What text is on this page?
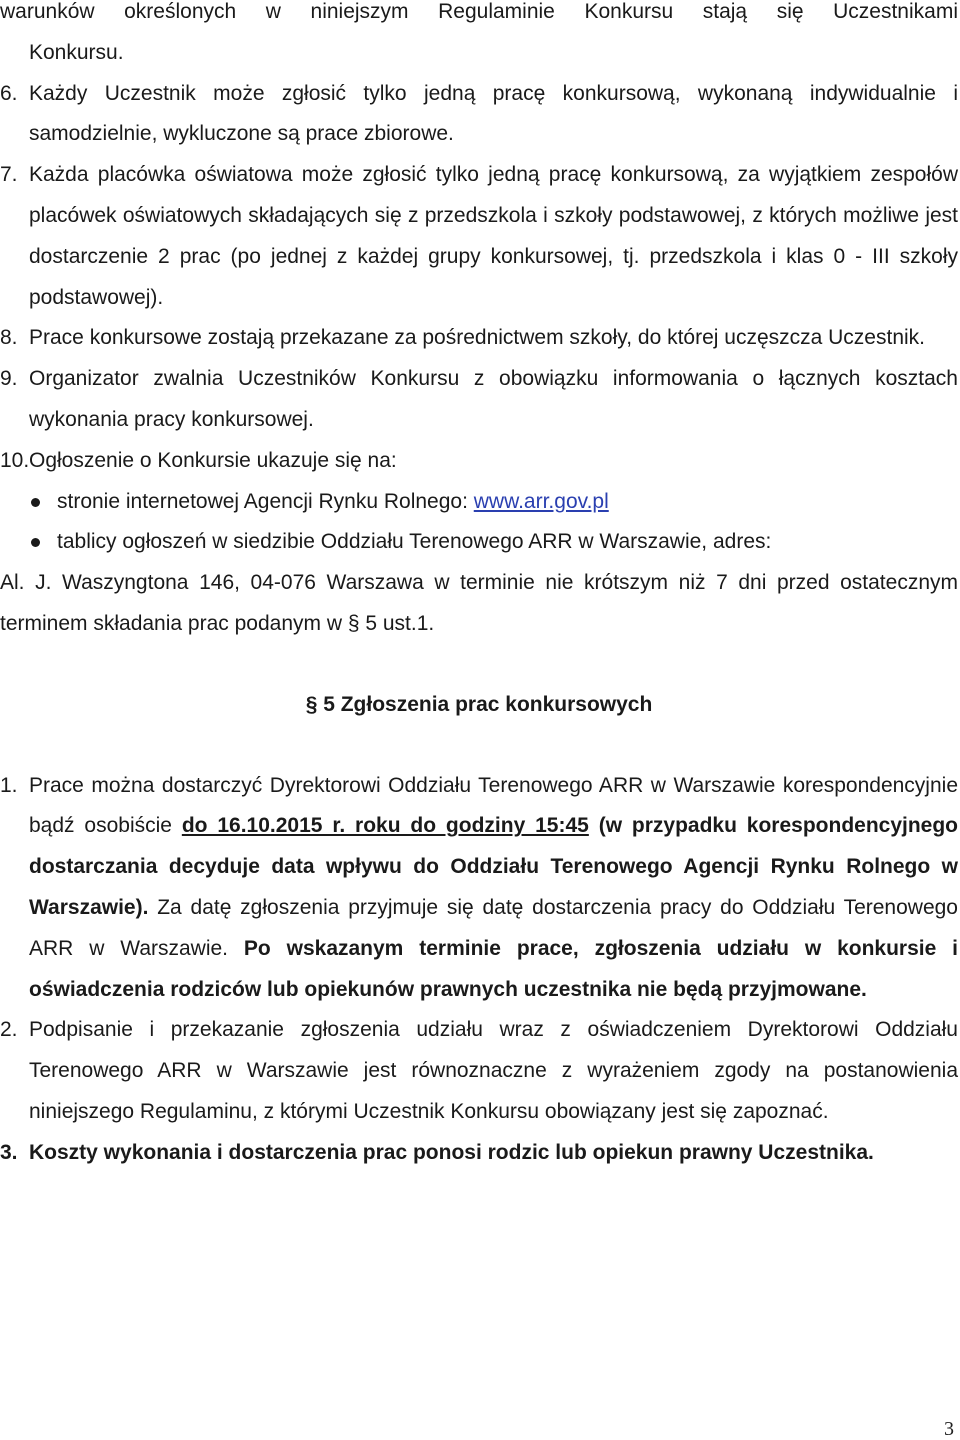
warunków określonych w niniejszym Regulaminie Konkursu stają się Uczestnikami
Konkursu.

6. Każdy Uczestnik może zgłosić tylko jedną pracę konkursową, wykonaną indywidualnie i samodzielnie, wykluczone są prace zbiorowe.

7. Każda placówka oświatowa może zgłosić tylko jedną pracę konkursową, za wyjątkiem zespołów placówek oświatowych składających się z przedszkola i szkoły podstawowej, z których możliwe jest dostarczenie 2 prac (po jednej z każdej grupy konkursowej, tj. przedszkola i klas 0 - III szkoły podstawowej).

8. Prace konkursowe zostają przekazane za pośrednictwem szkoły, do której uczęszcza Uczestnik.

9. Organizator zwalnia Uczestników Konkursu z obowiązku informowania o łącznych kosztach wykonania pracy konkursowej.

10. Ogłoszenie o Konkursie ukazuje się na:

stronie internetowej Agencji Rynku Rolnego: www.arr.gov.pl

tablicy ogłoszeń w siedzibie Oddziału Terenowego ARR w Warszawie, adres:

Al. J. Waszyngtona 146, 04-076 Warszawa w terminie nie krótszym niż 7 dni przed ostatecznym terminem składania prac podanym w § 5 ust.1.

§ 5 Zgłoszenia prac konkursowych

1. Prace można dostarczyć Dyrektorowi Oddziału Terenowego ARR w Warszawie korespondencyjnie bądź osobiście do 16.10.2015 r. roku do godziny 15:45 (w przypadku korespondencyjnego dostarczania decyduje data wpływu do Oddziału Terenowego Agencji Rynku Rolnego w Warszawie). Za datę zgłoszenia przyjmuje się datę dostarczenia pracy do Oddziału Terenowego ARR w Warszawie. Po wskazanym terminie prace, zgłoszenia udziału w konkursie i oświadczenia rodziców lub opiekunów prawnych uczestnika nie będą przyjmowane.

2. Podpisanie i przekazanie zgłoszenia udziału wraz z oświadczeniem Dyrektorowi Oddziału Terenowego ARR w Warszawie jest równoznaczne z wyrażeniem zgody na postanowienia niniejszego Regulaminu, z którymi Uczestnik Konkursu obowiązany jest się zapoznać.

3. Koszty wykonania i dostarczenia prac ponosi rodzic lub opiekun prawny Uczestnika.

3
